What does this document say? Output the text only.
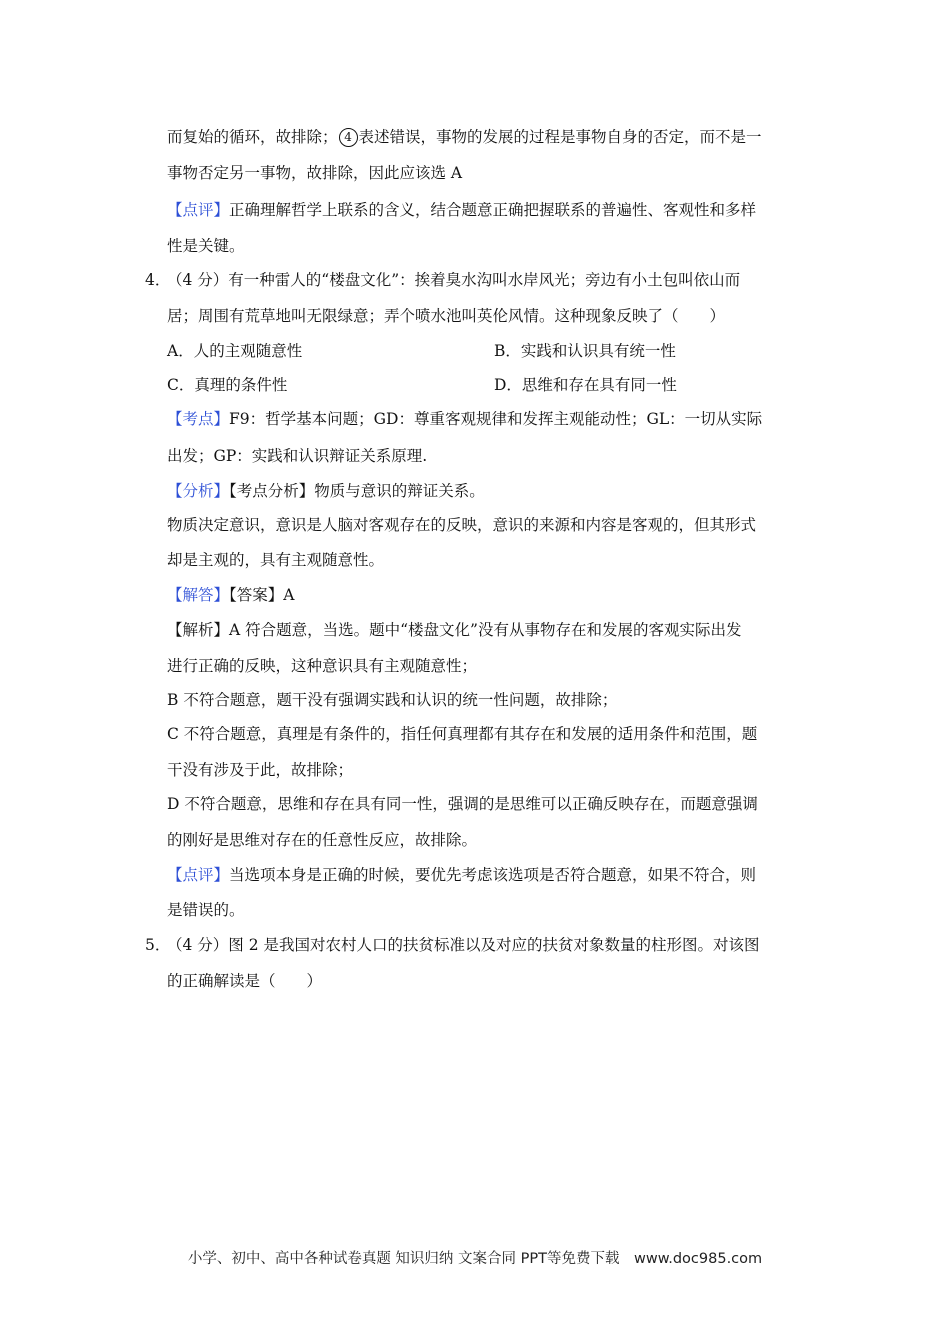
而复始的循环，故排除； 4 表述错误，事物的发展的过程是事物自身的否定，而不是一
事物否定另一事物，故排除，因此应该选 A
【点评】正确理解哲学上联系的含义，结合题意正确把握联系的普遍性、客观性和多样
性是关键。
4．
（4 分）有一种雷人的“楼盘文化”：挨着臭水沟叫水岸风光；旁边有小土包叫依山而
居；周围有荒草地叫无限绿意；弄个喷水池叫英伦风情。这种现象反映了（　　）
A．人的主观随意性	B．实践和认识具有统一性
C．真理的条件性	D．思维和存在具有同一性
【考点】F9：哲学基本问题；GD：尊重客观规律和发挥主观能动性；GL：一切从实际
出发；GP：实践和认识辩证关系原理.
【分析】【考点分析】物质与意识的辩证关系。
物质决定意识，意识是人脑对客观存在的反映，意识的来源和内容是客观的，但其形式
却是主观的，具有主观随意性。
【解答】【答案】A
【解析】A 符合题意，当选。题中“楼盘文化”没有从事物存在和发展的客观实际出发
进行正确的反映，这种意识具有主观随意性；
B 不符合题意，题干没有强调实践和认识的统一性问题，故排除；
C 不符合题意，真理是有条件的，指任何真理都有其存在和发展的适用条件和范围，题
干没有涉及于此，故排除；
D 不符合题意，思维和存在具有同一性，强调的是思维可以正确反映存在，而题意强调
的刚好是思维对存在的任意性反应，故排除。
【点评】当选项本身是正确的时候，要优先考虑该选项是否符合题意，如果不符合，则
是错误的。
5．
（4 分）图 2 是我国对农村人口的扶贫标准以及对应的扶贫对象数量的柱形图。对该图
的正确解读是（　　）
小学、初中、高中各种试卷真题 知识归纳 文案合同 PPT等免费下载　www.doc985.com
